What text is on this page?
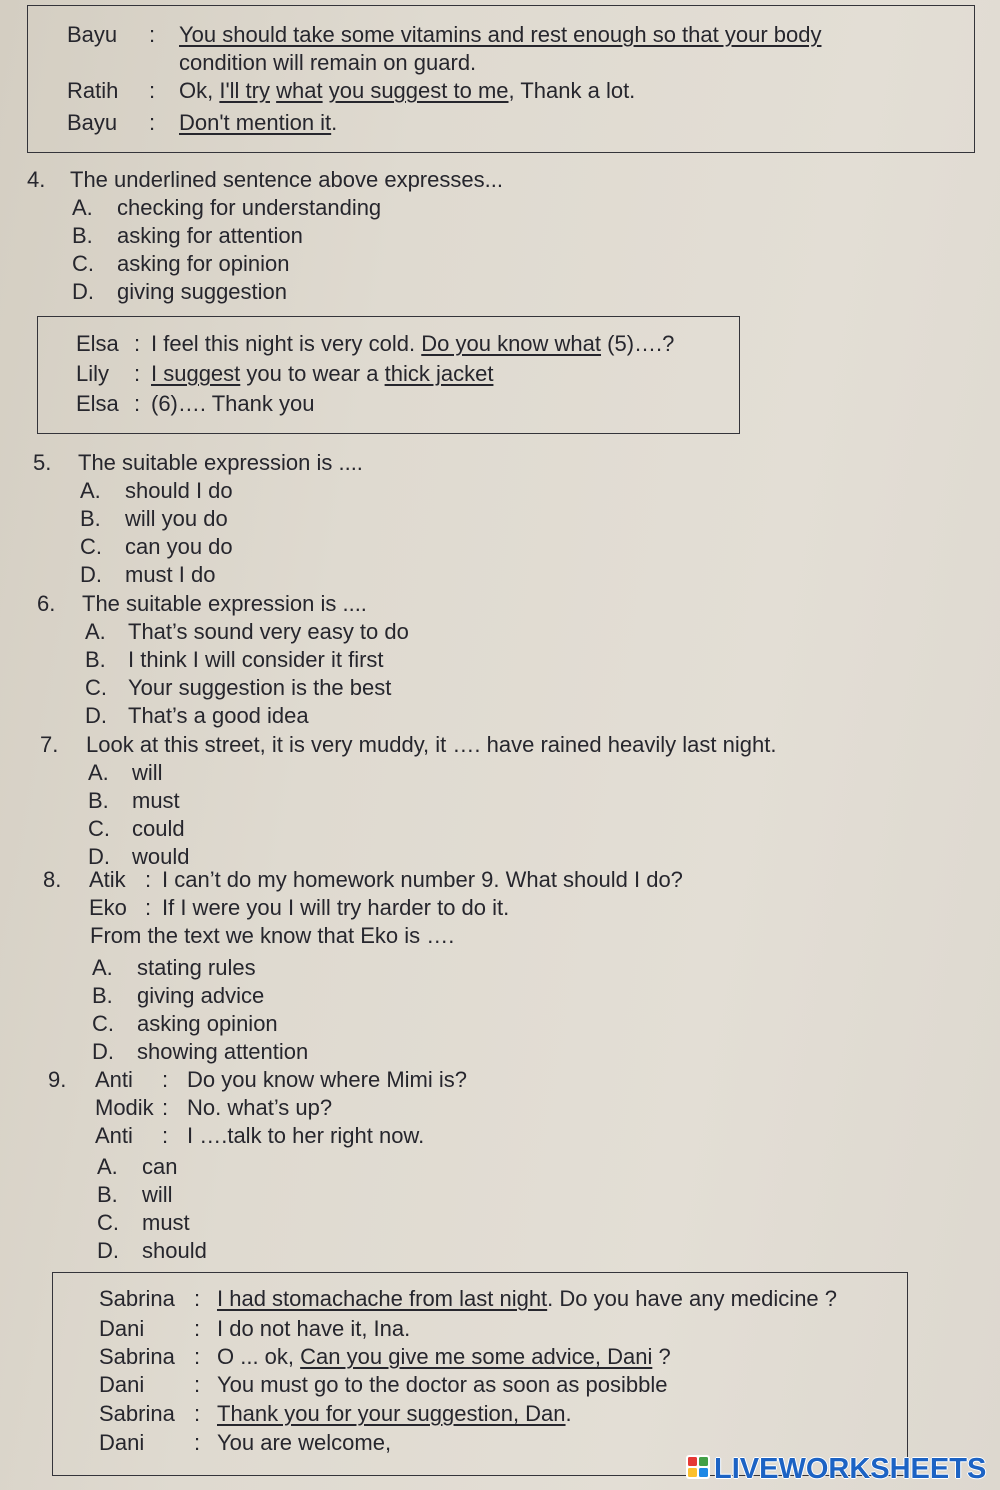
Bayu : You should take some vitamins and rest enough so that your body
condition will remain on guard.
Ratih : Ok, I'll try what you suggest to me, Thank a lot.
Bayu : Don't mention it.
4.	The underlined sentence above expresses...
A.	checking for understanding
B.	asking for attention
C.	asking for opinion
D.	giving suggestion
Elsa : I feel this night is very cold. Do you know what (5)….?
Lily : I suggest you to wear a thick jacket
Elsa : (6)…. Thank you
5.	The suitable expression is ....
A.	should I do
B.	will you do
C.	can you do
D.	must I do
6.	The suitable expression is ....
A.	That’s sound very easy to do
B.	I think I will consider it first
C. Your suggestion is the best
D. That’s a good idea
7.	Look at this street, it is very muddy, it …. have rained heavily last night.
A.	will
B.	must
C.	could
D.	would
8. Atik : I can’t do my homework number 9. What should I do?
Eko : If I were you I will try harder to do it.
From the text we know that Eko is ….
A.	stating rules
B.	giving advice
C.	asking opinion
D.	showing attention
9. Anti : Do you know where Mimi is?
Modik : No. what’s up?
Anti : I ….talk to her right now.
A.	can
B.	will
C.	must
D.	should
Sabrina : I had stomachache from last night. Do you have any medicine ?
Dani : I do not have it, Ina.
Sabrina : O ... ok, Can you give me some advice, Dani ?
Dani : You must go to the doctor as soon as posibble
Sabrina : Thank you for your suggestion, Dan.
Dani : You are welcome,
LIVEWORKSHEETS
